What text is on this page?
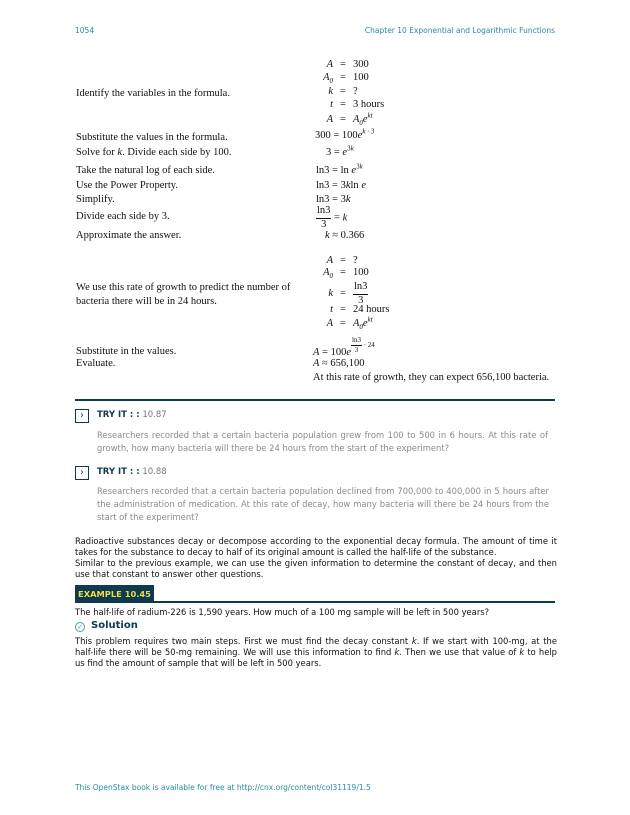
1054	Chapter 10 Exponential and Logarithmic Functions
Identify the variables in the formula.
A = 300
$A_0 = 100$
k = ?
t = 3 hours
$A = A_0e^{kt}$
Substitute the values in the formula.	$300 = 100e^{k \cdot 3}$
Solve for k. Divide each side by 100.	$3 = e^{3k}$
Take the natural log of each side.	$\ln 3 = \ln e^{3k}$
Use the Power Property.	ln3 = 3kln e
Simplify.	ln3 = 3k
Divide each side by 3.	$\frac{\ln 3}{3} = k$
Approximate the answer.	k ≈ 0.366
We use this rate of growth to predict the number of bacteria there will be in 24 hours.
A = ?
$A_0 = 100$
$k = \frac{\ln 3}{3}$
t = 24 hours
$A = A_0e^{kt}$
Substitute in the values.	A = 100e $^{\frac{\ln 3}{3} \cdot 24}$
Evaluate.	A ≈ 656,100
At this rate of growth, they can expect 656,100 bacteria.
›	TRY IT : : 10.87
Researchers recorded that a certain bacteria population grew from 100 to 500 in 6 hours. At this rate of growth, how many bacteria will there be 24 hours from the start of the experiment?
›	TRY IT : : 10.88
Researchers recorded that a certain bacteria population declined from 700,000 to 400,000 in 5 hours after the administration of medication. At this rate of decay, how many bacteria will there be 24 hours from the start of the experiment?
Radioactive substances decay or decompose according to the exponential decay formula. The amount of time it takes for the substance to decay to half of its original amount is called the half-life of the substance.
Similar to the previous example, we can use the given information to determine the constant of decay, and then use that constant to answer other questions.
EXAMPLE 10.45
The half-life of radium-226 is 1,590 years. How much of a 100 mg sample will be left in 500 years?
✓ Solution
This problem requires two main steps. First we must find the decay constant k. If we start with 100-mg, at the half-life there will be 50-mg remaining. We will use this information to find k. Then we use that value of k to help us find the amount of sample that will be left in 500 years.
This OpenStax book is available for free at http://cnx.org/content/col31119/1.5
